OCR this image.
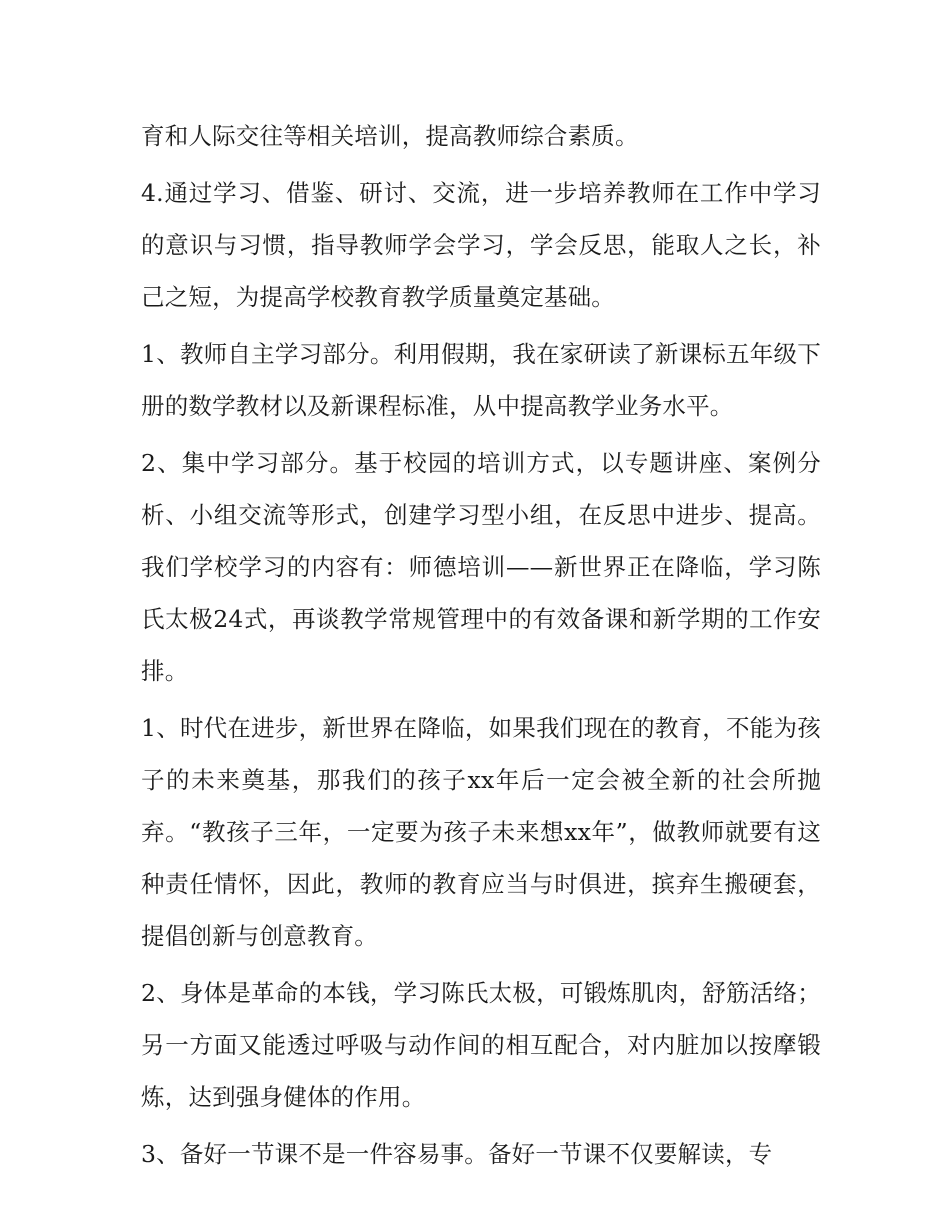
育和人际交往等相关培训，提高教师综合素质。

4.通过学习、借鉴、研讨、交流，进一步培养教师在工作中学习的意识与习惯，指导教师学会学习，学会反思，能取人之长，补己之短，为提高学校教育教学质量奠定基础。

1、教师自主学习部分。利用假期，我在家研读了新课标五年级下册的数学教材以及新课程标准，从中提高教学业务水平。

2、集中学习部分。基于校园的培训方式，以专题讲座、案例分析、小组交流等形式，创建学习型小组，在反思中进步、提高。我们学校学习的内容有：师德培训——新世界正在降临，学习陈氏太极24式，再谈教学常规管理中的有效备课和新学期的工作安排。

1、时代在进步，新世界在降临，如果我们现在的教育，不能为孩子的未来奠基，那我们的孩子xx年后一定会被全新的社会所抛弃。“教孩子三年，一定要为孩子未来想xx年”，做教师就要有这种责任情怀，因此，教师的教育应当与时俱进，摈弃生搬硬套，提倡创新与创意教育。

2、身体是革命的本钱，学习陈氏太极，可锻炼肌肉，舒筋活络；另一方面又能透过呼吸与动作间的相互配合，对内脏加以按摩锻炼，达到强身健体的作用。

3、备好一节课不是一件容易事。备好一节课不仅要解读，专
